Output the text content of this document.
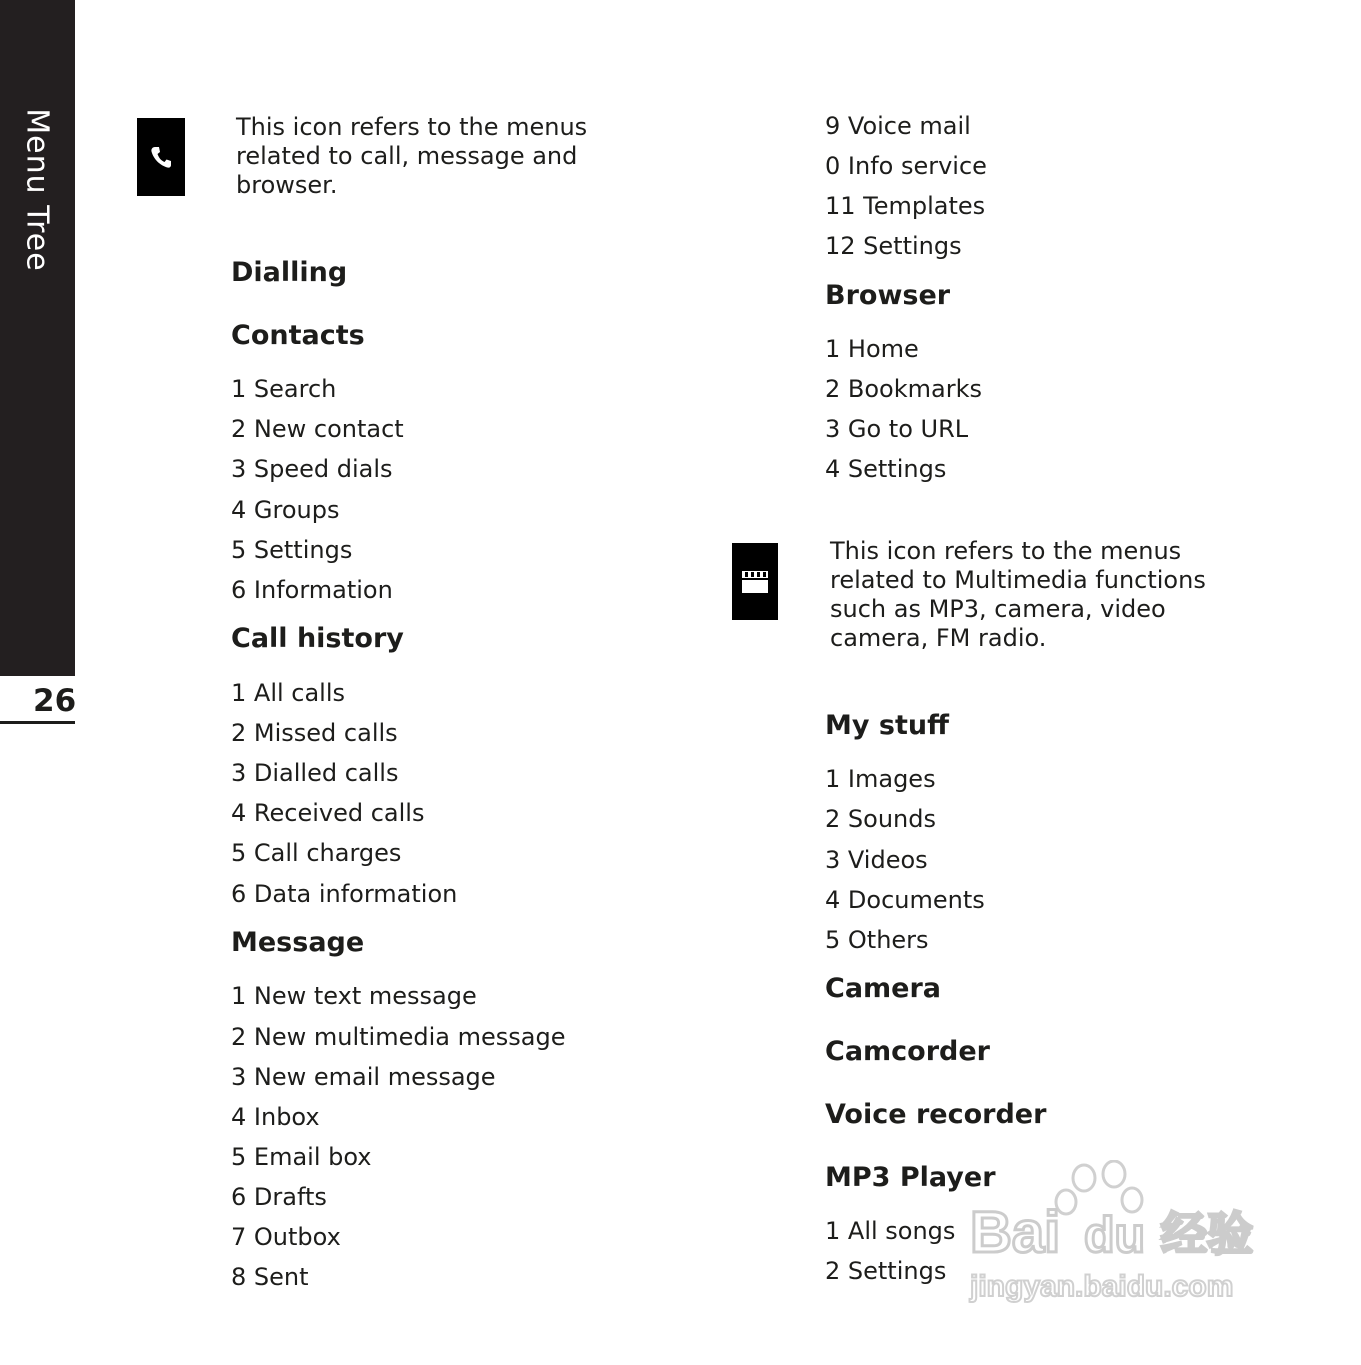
Menu Tree
26

This icon refers to the menus related to call, message and browser.

Dialling
Contacts
1 Search
2 New contact
3 Speed dials
4 Groups
5 Settings
6 Information
Call history
1 All calls
2 Missed calls
3 Dialled calls
4 Received calls
5 Call charges
6 Data information
Message
1 New text message
2 New multimedia message
3 New email message
4 Inbox
5 Email box
6 Drafts
7 Outbox
8 Sent
9 Voice mail
0 Info service
11 Templates
12 Settings
Browser
1 Home
2 Bookmarks
3 Go to URL
4 Settings

This icon refers to the menus related to Multimedia functions such as MP3, camera, video camera, FM radio.

My stuff
1 Images
2 Sounds
3 Videos
4 Documents
5 Others
Camera
Camcorder
Voice recorder
MP3 Player
1 All songs
2 Settings
Bai du 经验
jingyan.baidu.com
